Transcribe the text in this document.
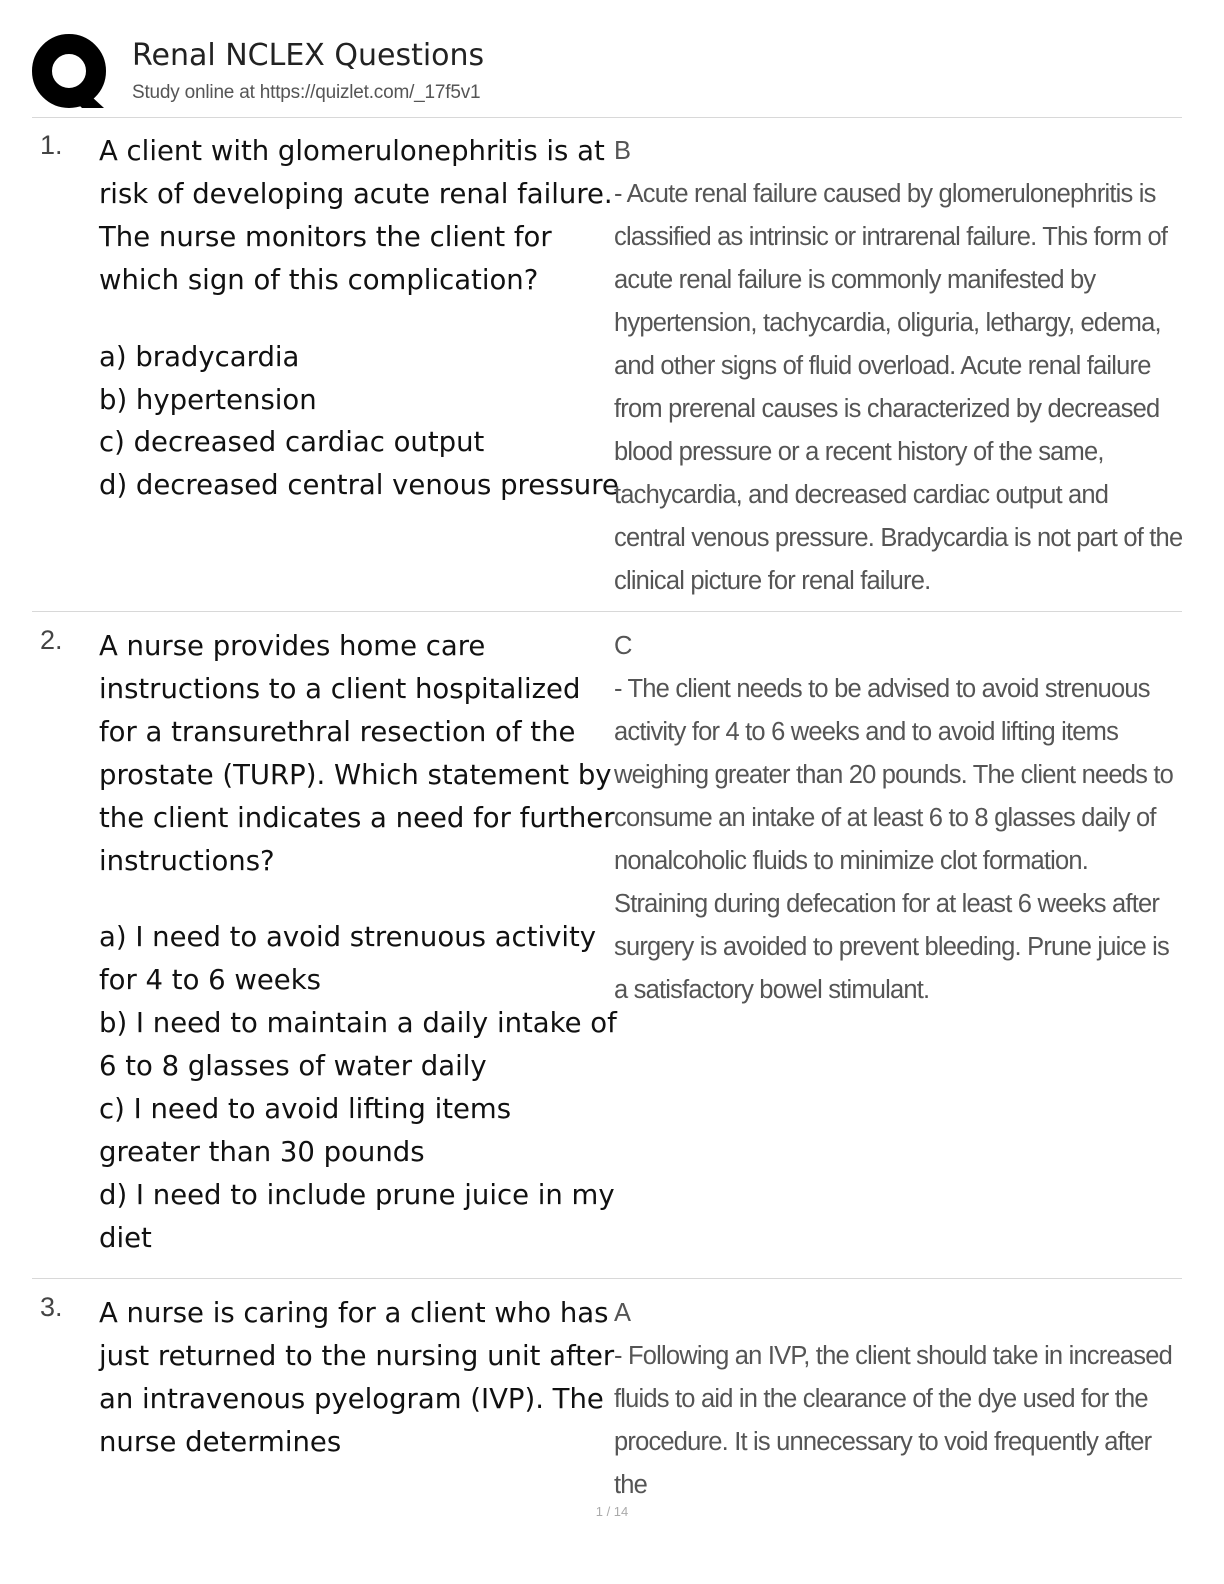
Renal NCLEX Questions
Study online at https://quizlet.com/_17f5v1
1. A client with glomerulonephritis is at risk of developing acute renal failure. The nurse monitors the client for which sign of this complication?

a) bradycardia
b) hypertension
c) decreased cardiac output
d) decreased central venous pressure

B

- Acute renal failure caused by glomerulonephritis is classified as intrinsic or intrarenal failure. This form of acute renal failure is commonly manifested by hypertension, tachycardia, oliguria, lethargy, edema, and other signs of fluid overload. Acute renal failure from prerenal causes is characterized by decreased blood pressure or a recent history of the same, tachycardia, and decreased cardiac output and central venous pressure. Bradycardia is not part of the clinical picture for renal failure.

2. A nurse provides home care instructions to a client hospitalized for a transurethral resection of the prostate (TURP). Which statement by the client indicates a need for further instructions?

a) I need to avoid strenuous activity for 4 to 6 weeks
b) I need to maintain a daily intake of 6 to 8 glasses of water daily
c) I need to avoid lifting items greater than 30 pounds
d) I need to include prune juice in my diet

C

- The client needs to be advised to avoid strenuous activity for 4 to 6 weeks and to avoid lifting items weighing greater than 20 pounds. The client needs to consume an intake of at least 6 to 8 glasses daily of nonalcoholic fluids to minimize clot formation. Straining during defecation for at least 6 weeks after surgery is avoided to prevent bleeding. Prune juice is a satisfactory bowel stimulant.

3. A nurse is caring for a client who has just returned to the nursing unit after an intravenous pyelogram (IVP). The nurse determines

A

- Following an IVP, the client should take in increased fluids to aid in the clearance of the dye used for the procedure. It is unnecessary to void frequently after the

1 / 14
